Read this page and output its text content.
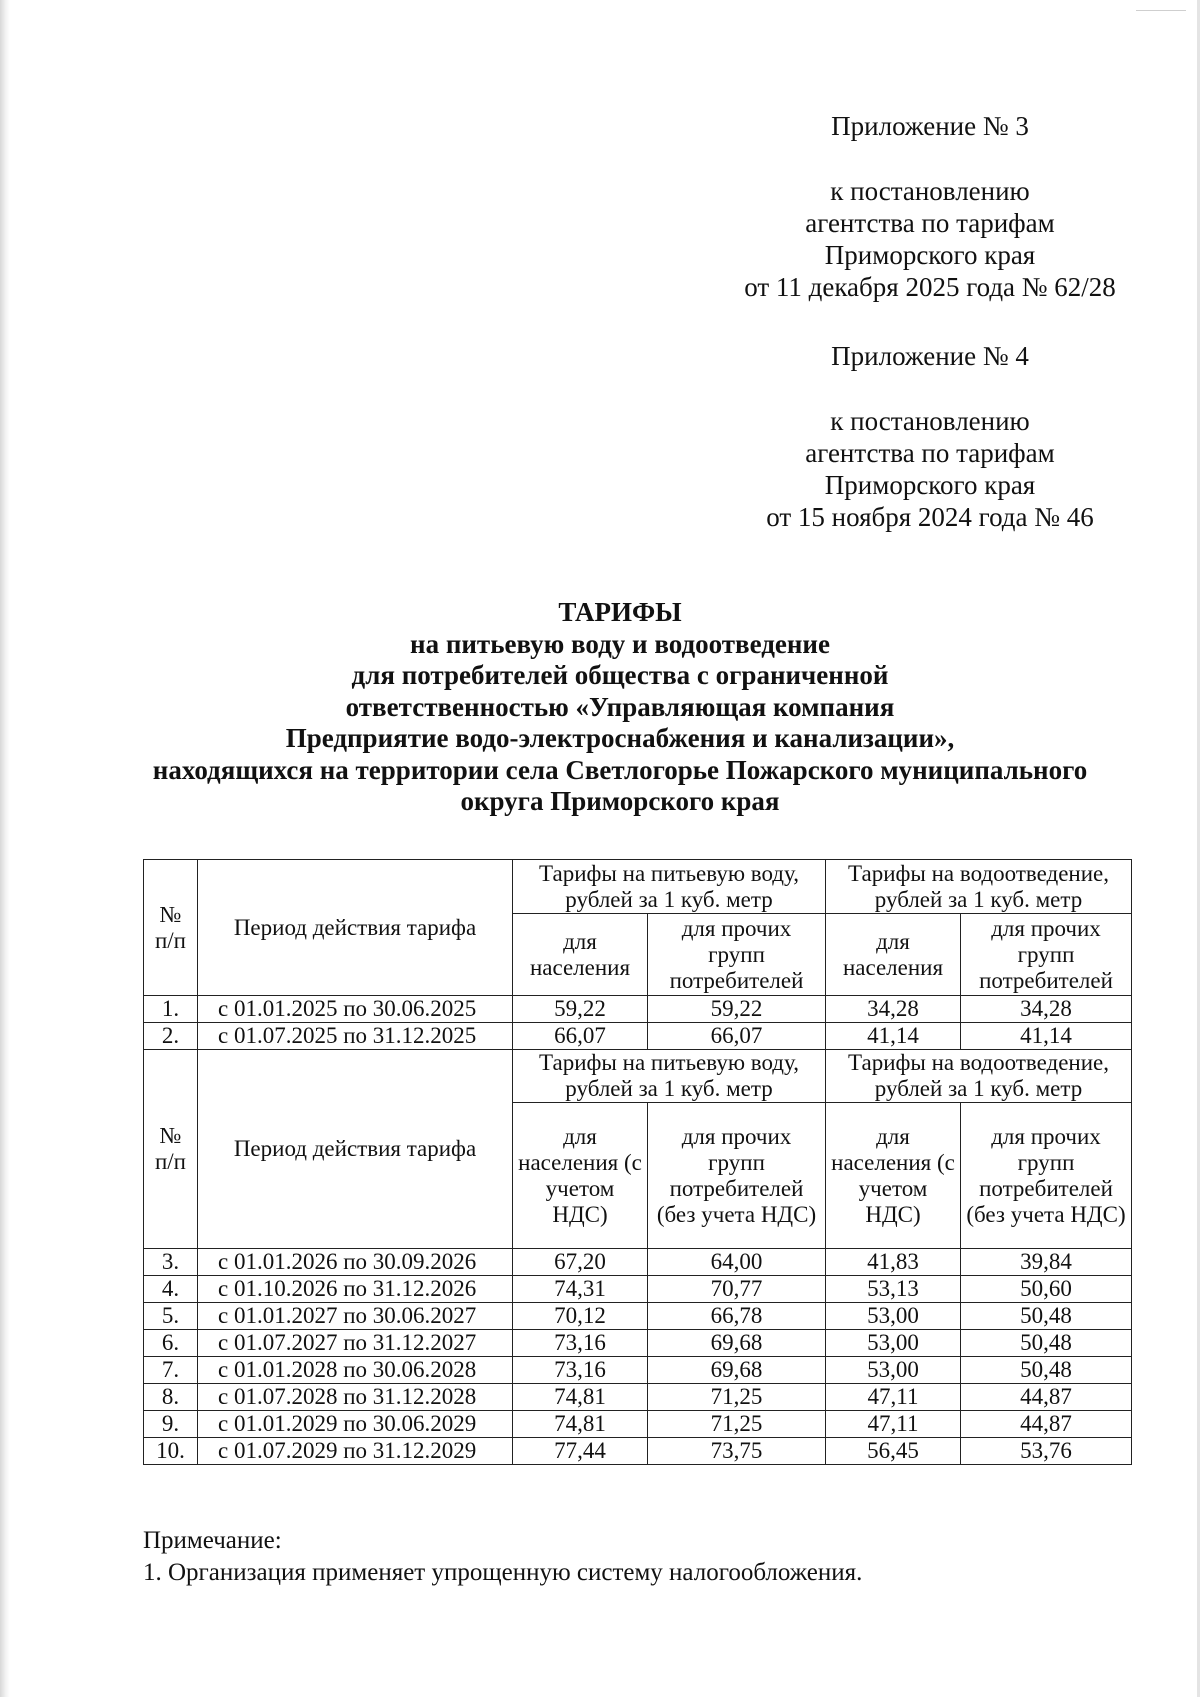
Приложение № 3
к постановлению
агентства по тарифам
Приморского края
от 11 декабря 2025 года № 62/28
Приложение № 4
к постановлению
агентства по тарифам
Приморского края
от 15 ноября 2024 года № 46
ТАРИФЫ
на питьевую воду и водоотведение
для потребителей общества с ограниченной
ответственностью «Управляющая компания
Предприятие водо-электроснабжения и канализации»,
находящихся на территории села Светлогорье Пожарского муниципального
округа Приморского края
№ п/п	Период действия тарифа	Тарифы на питьевую воду, рублей за 1 куб. метр		Тарифы на водоотведение, рублей за 1 куб. метр	
		для населения	для прочих групп потребителей	для населения	для прочих групп потребителей
1.	с 01.01.2025 по 30.06.2025	59,22	59,22	34,28	34,28
2.	с 01.07.2025 по 31.12.2025	66,07	66,07	41,14	41,14
№ п/п	Период действия тарифа	Тарифы на питьевую воду, рублей за 1 куб. метр		Тарифы на водоотведение, рублей за 1 куб. метр	
		для населения (с учетом НДС)	для прочих групп потребителей (без учета НДС)	для населения (с учетом НДС)	для прочих групп потребителей (без учета НДС)
3.	с 01.01.2026 по 30.09.2026	67,20	64,00	41,83	39,84
4.	с 01.10.2026 по 31.12.2026	74,31	70,77	53,13	50,60
5.	с 01.01.2027 по 30.06.2027	70,12	66,78	53,00	50,48
6.	с 01.07.2027 по 31.12.2027	73,16	69,68	53,00	50,48
7.	с 01.01.2028 по 30.06.2028	73,16	69,68	53,00	50,48
8.	с 01.07.2028 по 31.12.2028	74,81	71,25	47,11	44,87
9.	с 01.01.2029 по 30.06.2029	74,81	71,25	47,11	44,87
10.	с 01.07.2029 по 31.12.2029	77,44	73,75	56,45	53,76
Примечание:
1. Организация применяет упрощенную систему налогообложения.
